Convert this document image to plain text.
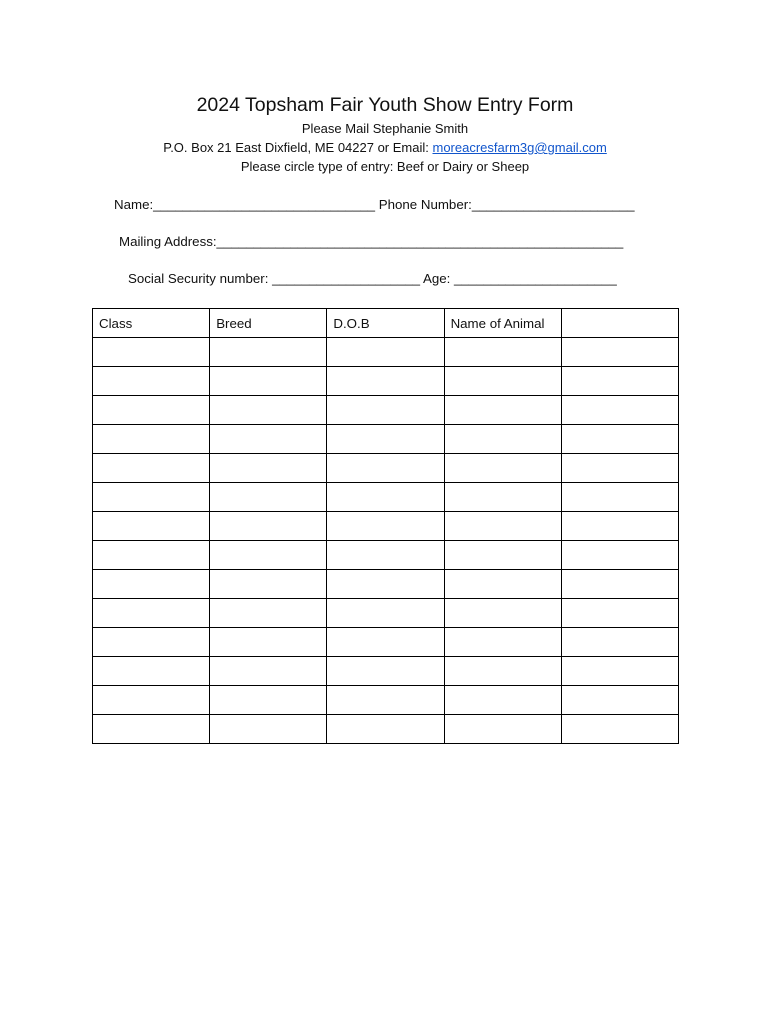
2024 Topsham Fair Youth Show Entry Form
Please Mail Stephanie Smith
P.O. Box 21 East Dixfield, ME 04227 or Email: moreacresfarm3g@gmail.com
Please circle type of entry: Beef or Dairy or Sheep
Name:______________________________ Phone Number:______________________
Mailing Address:_______________________________________________________
Social Security number: ____________________ Age: ______________________
Class	Breed	D.O.B	Name of Animal	
